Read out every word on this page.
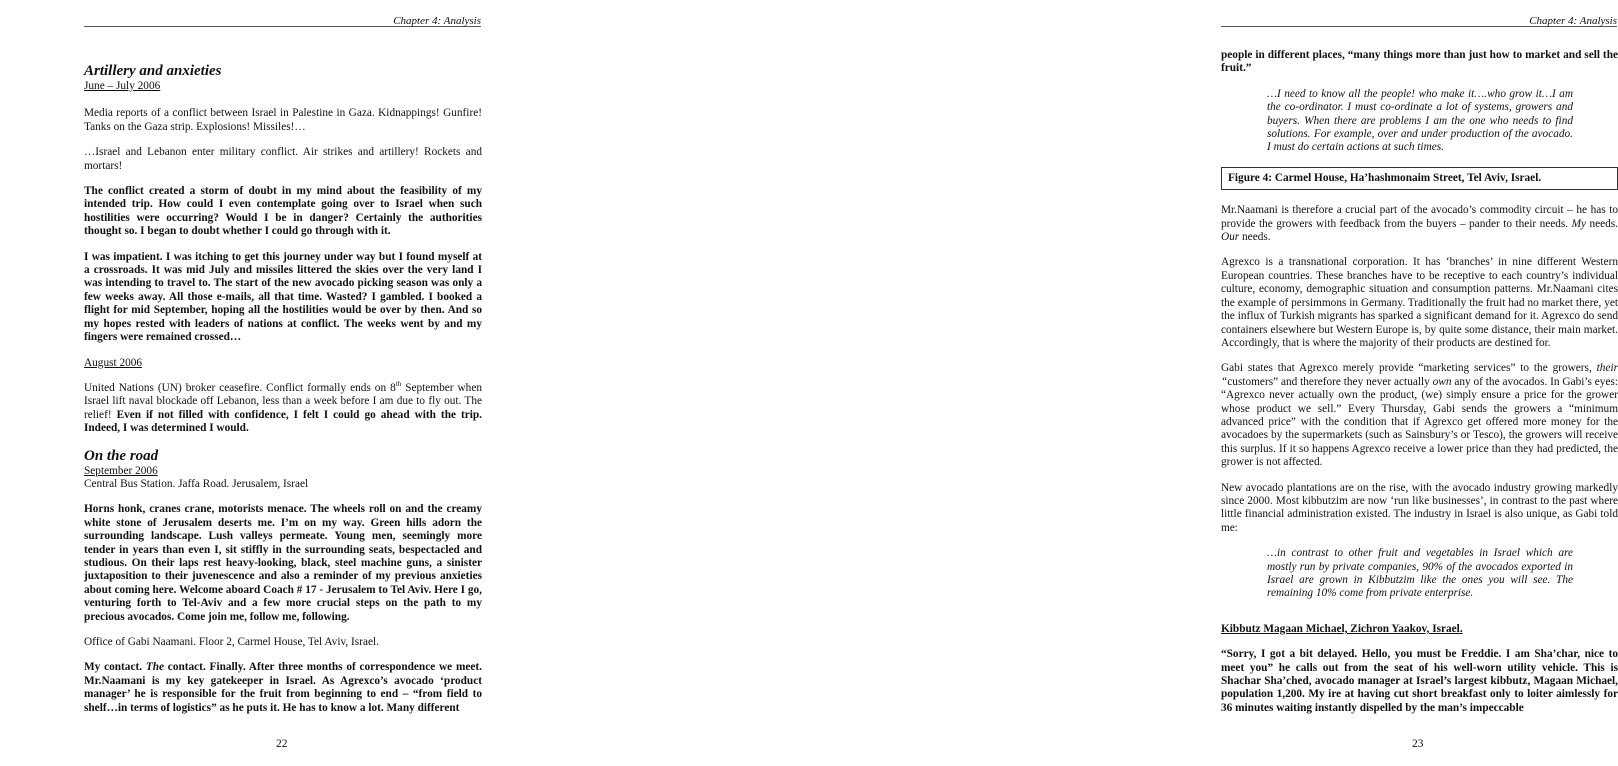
Chapter 4: Analysis
Artillery and anxieties

June – July 2006

Media reports of a conflict between Israel in Palestine in Gaza. Kidnappings! Gunfire! Tanks on the Gaza strip. Explosions! Missiles!…

…Israel and Lebanon enter military conflict. Air strikes and artillery! Rockets and mortars!

The conflict created a storm of doubt in my mind about the feasibility of my intended trip. How could I even contemplate going over to Israel when such hostilities were occurring? Would I be in danger? Certainly the authorities thought so. I began to doubt whether I could go through with it.

I was impatient. I was itching to get this journey under way but I found myself at a crossroads. It was mid July and missiles littered the skies over the very land I was intending to travel to. The start of the new avocado picking season was only a few weeks away. All those e-mails, all that time. Wasted? I gambled. I booked a flight for mid September, hoping all the hostilities would be over by then. And so my hopes rested with leaders of nations at conflict. The weeks went by and my fingers were remained crossed…

August 2006

United Nations (UN) broker ceasefire. Conflict formally ends on 8th September when Israel lift naval blockade off Lebanon, less than a week before I am due to fly out. The relief! Even if not filled with confidence, I felt I could go ahead with the trip. Indeed, I was determined I would.

On the road
September 2006

Central Bus Station. Jaffa Road. Jerusalem, Israel

Horns honk, cranes crane, motorists menace. The wheels roll on and the creamy white stone of Jerusalem deserts me. I’m on my way. Green hills adorn the surrounding landscape. Lush valleys permeate. Young men, seemingly more tender in years than even I, sit stiffly in the surrounding seats, bespectacled and studious. On their laps rest heavy-looking, black, steel machine guns, a sinister juxtaposition to their juvenescence and also a reminder of my previous anxieties about coming here. Welcome aboard Coach # 17 - Jerusalem to Tel Aviv. Here I go, venturing forth to Tel-Aviv and a few more crucial steps on the path to my precious avocados. Come join me, follow me, following.

Office of Gabi Naamani. Floor 2, Carmel House, Tel Aviv, Israel.

My contact. The contact. Finally. After three months of correspondence we meet. Mr.Naamani is my key gatekeeper in Israel. As Agrexco’s avocado ‘product manager’ he is responsible for the fruit from beginning to end – “from field to shelf…in terms of logistics” as he puts it. He has to know a lot. Many different

22
Chapter 4: Analysis

people in different places, “many things more than just how to market and sell the fruit.”

…I need to know all the people! who make it….who grow it…I am the co-ordinator. I must co-ordinate a lot of systems, growers and buyers. When there are problems I am the one who needs to find solutions. For example, over and under production of the avocado. I must do certain actions at such times.

Figure 4: Carmel House, Ha’hashmonaim Street, Tel Aviv, Israel.

Mr.Naamani is therefore a crucial part of the avocado’s commodity circuit – he has to provide the growers with feedback from the buyers – pander to their needs. My needs. Our needs.

Agrexco is a transnational corporation. It has ‘branches’ in nine different Western European countries. These branches have to be receptive to each country’s individual culture, economy, demographic situation and consumption patterns. Mr.Naamani cites the example of persimmons in Germany. Traditionally the fruit had no market there, yet the influx of Turkish migrants has sparked a significant demand for it. Agrexco do send containers elsewhere but Western Europe is, by quite some distance, their main market. Accordingly, that is where the majority of their products are destined for.

Gabi states that Agrexco merely provide “marketing services” to the growers, their “customers” and therefore they never actually own any of the avocados. In Gabi’s eyes: “Agrexco never actually own the product, (we) simply ensure a price for the grower whose product we sell.” Every Thursday, Gabi sends the growers a “minimum advanced price” with the condition that if Agrexco get offered more money for the avocadoes by the supermarkets (such as Sainsbury’s or Tesco), the growers will receive this surplus. If it so happens Agrexco receive a lower price than they had predicted, the grower is not affected.

New avocado plantations are on the rise, with the avocado industry growing markedly since 2000. Most kibbutzim are now ‘run like businesses’, in contrast to the past where little financial administration existed. The industry in Israel is also unique, as Gabi told me:

…in contrast to other fruit and vegetables in Israel which are mostly run by private companies, 90% of the avocados exported in Israel are grown in Kibbutzim like the ones you will see. The remaining 10% come from private enterprise.

Kibbutz Magaan Michael, Zichron Yaakov, Israel.

“Sorry, I got a bit delayed. Hello, you must be Freddie. I am Sha’char, nice to meet you” he calls out from the seat of his well-worn utility vehicle. This is Shachar Sha’ched, avocado manager at Israel’s largest kibbutz, Magaan Michael, population 1,200. My ire at having cut short breakfast only to loiter aimlessly for 36 minutes waiting instantly dispelled by the man’s impeccable

23
